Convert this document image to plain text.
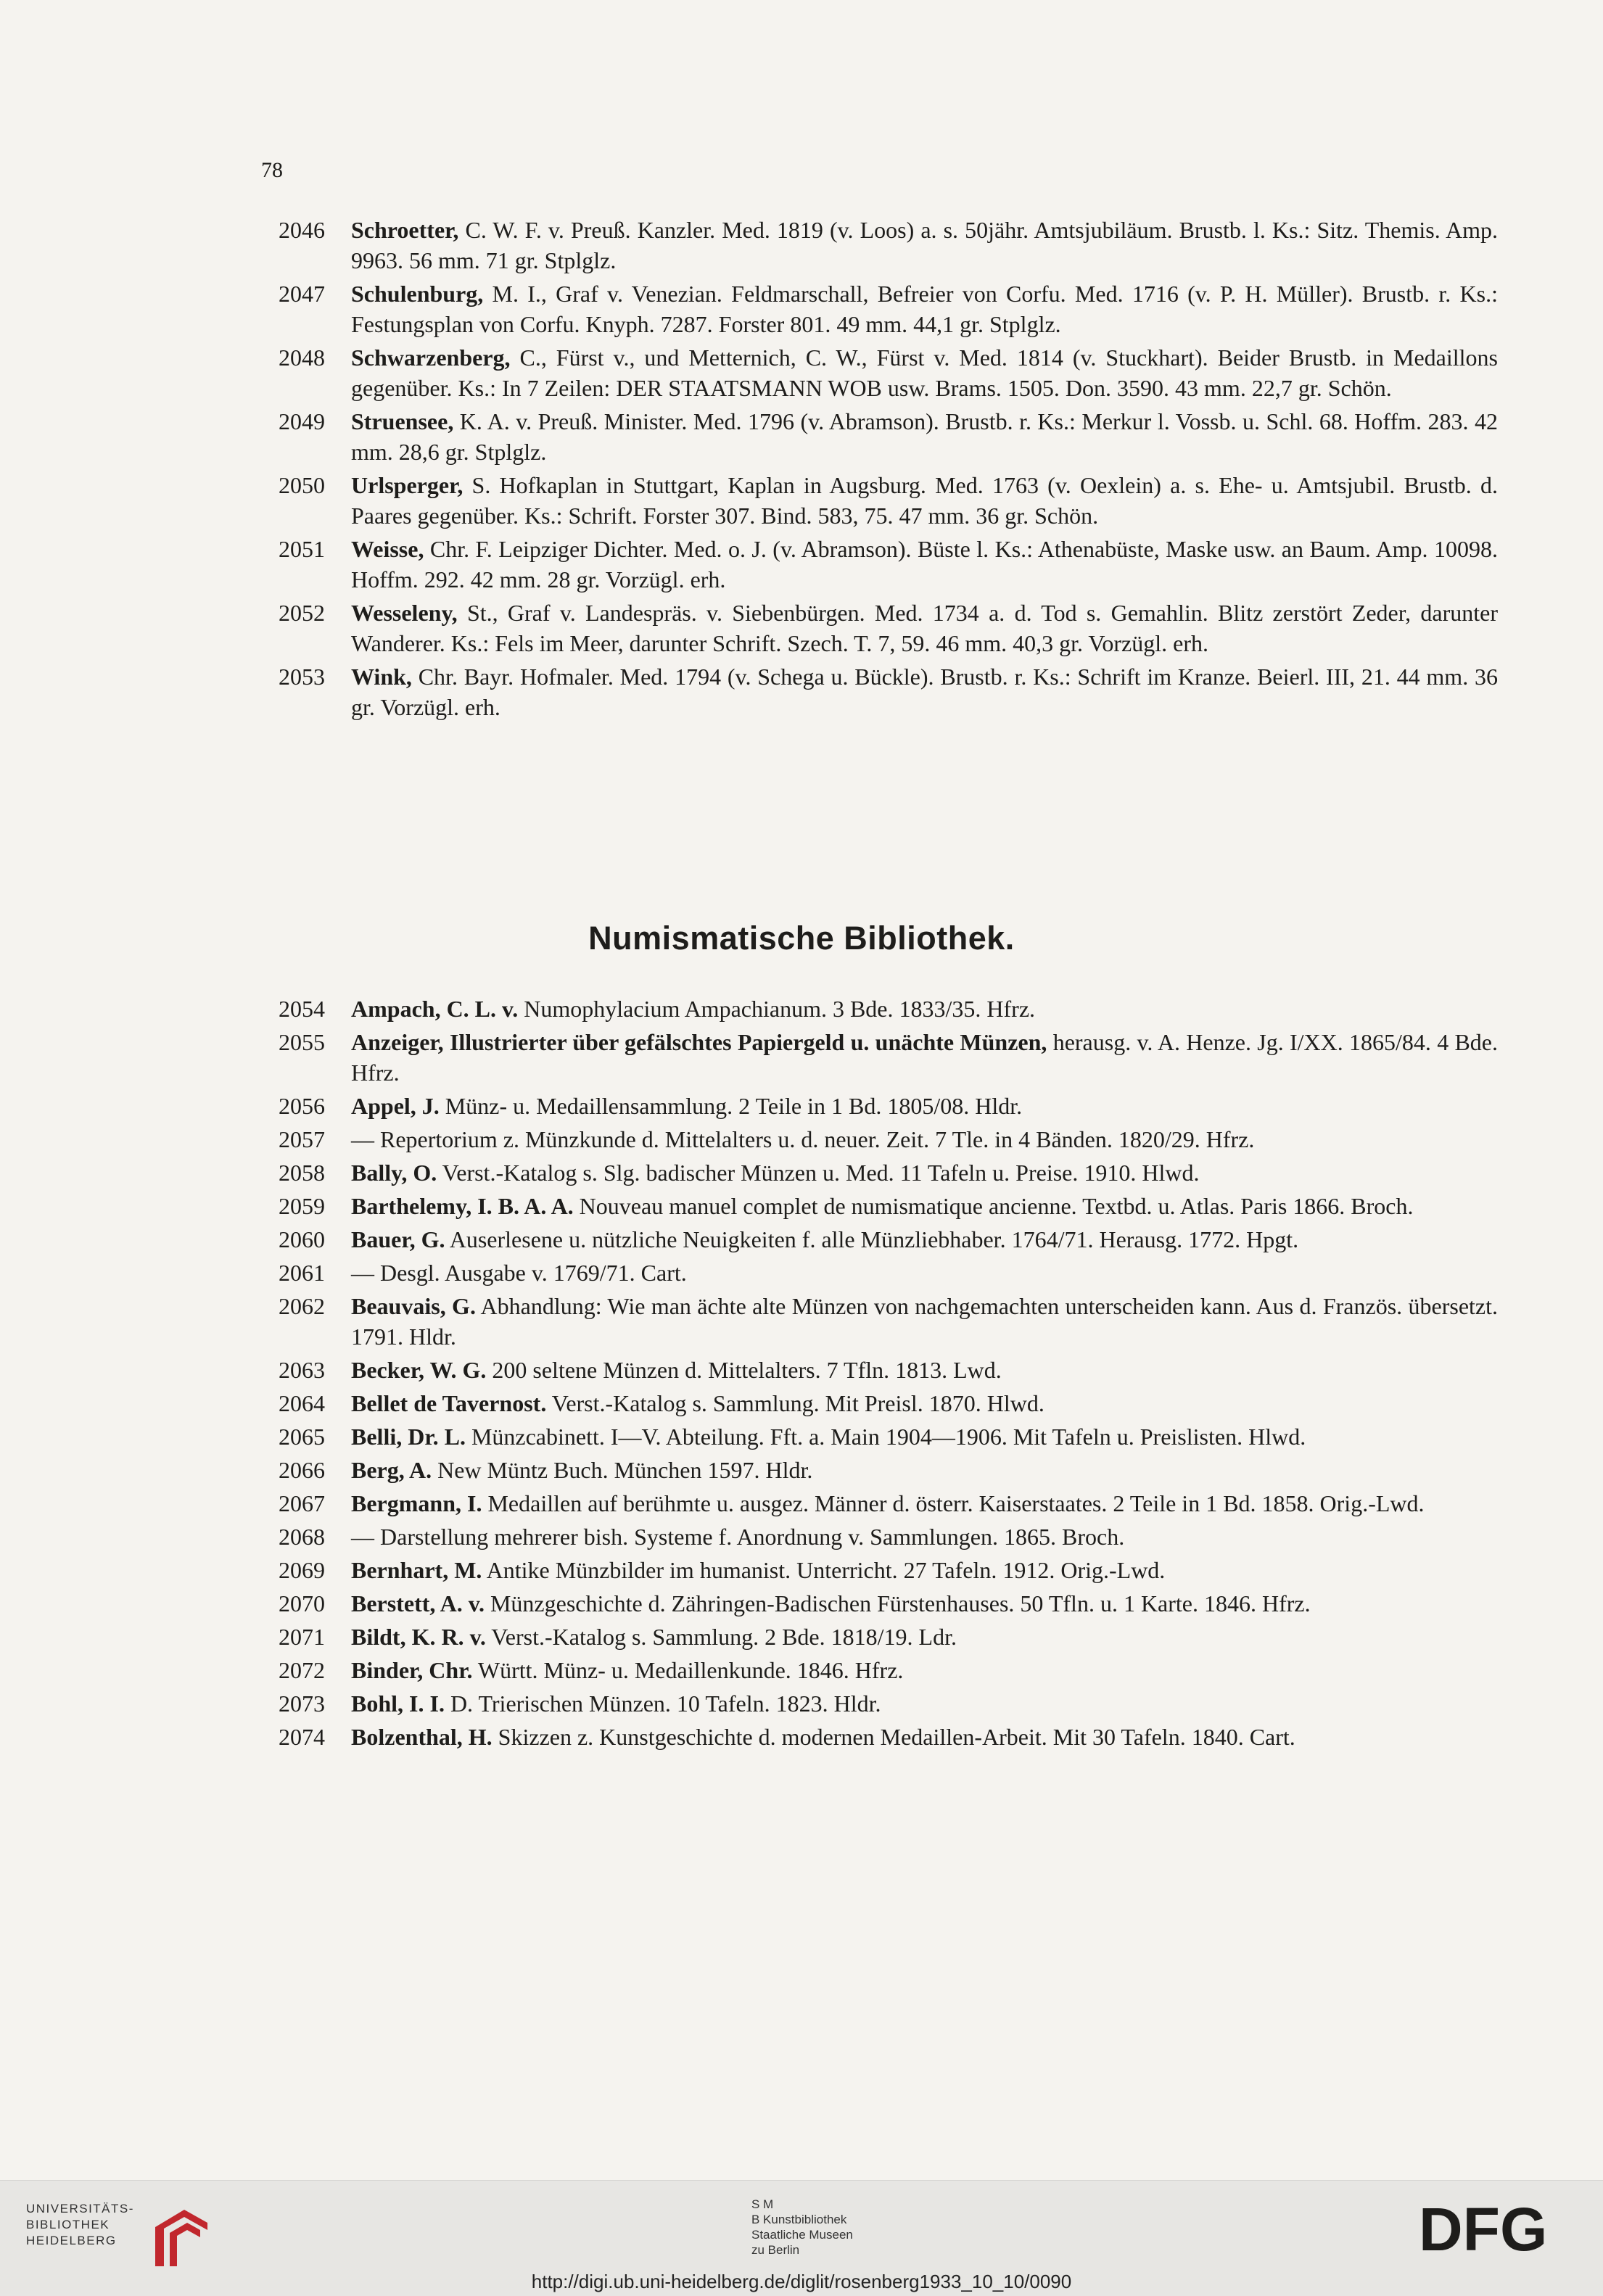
78
2046 Schroetter, C. W. F. v. Preuß. Kanzler. Med. 1819 (v. Loos) a. s. 50jähr. Amtsjubiläum. Brustb. l. Ks.: Sitz. Themis. Amp. 9963. 56 mm. 71 gr. Stplglz.
2047 Schulenburg, M. I., Graf v. Venezian. Feldmarschall, Befreier von Corfu. Med. 1716 (v. P. H. Müller). Brustb. r. Ks.: Festungsplan von Corfu. Knyph. 7287. Forster 801. 49 mm. 44,1 gr. Stplglz.
2048 Schwarzenberg, C., Fürst v., und Metternich, C. W., Fürst v. Med. 1814 (v. Stuckhart). Beider Brustb. in Medaillons gegenüber. Ks.: In 7 Zeilen: DER STAATSMANN WOB usw. Brams. 1505. Don. 3590. 43 mm. 22,7 gr. Schön.
2049 Struensee, K. A. v. Preuß. Minister. Med. 1796 (v. Abramson). Brustb. r. Ks.: Merkur l. Vossb. u. Schl. 68. Hoffm. 283. 42 mm. 28,6 gr. Stplglz.
2050 Urlsperger, S. Hofkaplan in Stuttgart, Kaplan in Augsburg. Med. 1763 (v. Oexlein) a. s. Ehe- u. Amtsjubil. Brustb. d. Paares gegenüber. Ks.: Schrift. Forster 307. Bind. 583, 75. 47 mm. 36 gr. Schön.
2051 Weisse, Chr. F. Leipziger Dichter. Med. o. J. (v. Abramson). Büste l. Ks.: Athenabüste, Maske usw. an Baum. Amp. 10098. Hoffm. 292. 42 mm. 28 gr. Vorzügl. erh.
2052 Wesseleny, St., Graf v. Landespräs. v. Siebenbürgen. Med. 1734 a. d. Tod s. Gemahlin. Blitz zerstört Zeder, darunter Wanderer. Ks.: Fels im Meer, darunter Schrift. Szech. T. 7, 59. 46 mm. 40,3 gr. Vorzügl. erh.
2053 Wink, Chr. Bayr. Hofmaler. Med. 1794 (v. Schega u. Bückle). Brustb. r. Ks.: Schrift im Kranze. Beierl. III, 21. 44 mm. 36 gr. Vorzügl. erh.
Numismatische Bibliothek.
2054 Ampach, C. L. v. Numophylacium Ampachianum. 3 Bde. 1833/35. Hfrz.
2055 Anzeiger, Illustrierter über gefälschtes Papiergeld u. unächte Münzen, herausg. v. A. Henze. Jg. I/XX. 1865/84. 4 Bde. Hfrz.
2056 Appel, J. Münz- u. Medaillensammlung. 2 Teile in 1 Bd. 1805/08. Hldr.
2057 — Repertorium z. Münzkunde d. Mittelalters u. d. neuer. Zeit. 7 Tle. in 4 Bänden. 1820/29. Hfrz.
2058 Bally, O. Verst.-Katalog s. Slg. badischer Münzen u. Med. 11 Tafeln u. Preise. 1910. Hlwd.
2059 Barthelemy, I. B. A. A. Nouveau manuel complet de numismatique ancienne. Textbd. u. Atlas. Paris 1866. Broch.
2060 Bauer, G. Auserlesene u. nützliche Neuigkeiten f. alle Münzliebhaber. 1764/71. Herausg. 1772. Hpgt.
2061 — Desgl. Ausgabe v. 1769/71. Cart.
2062 Beauvais, G. Abhandlung: Wie man ächte alte Münzen von nachgemachten unterscheiden kann. Aus d. Französ. übersetzt. 1791. Hldr.
2063 Becker, W. G. 200 seltene Münzen d. Mittelalters. 7 Tfln. 1813. Lwd.
2064 Bellet de Tavernost. Verst.-Katalog s. Sammlung. Mit Preisl. 1870. Hlwd.
2065 Belli, Dr. L. Münzcabinett. I—V. Abteilung. Fft. a. Main 1904—1906. Mit Tafeln u. Preislisten. Hlwd.
2066 Berg, A. New Müntz Buch. München 1597. Hldr.
2067 Bergmann, I. Medaillen auf berühmte u. ausgez. Männer d. österr. Kaiserstaates. 2 Teile in 1 Bd. 1858. Orig.-Lwd.
2068 — Darstellung mehrerer bish. Systeme f. Anordnung v. Sammlungen. 1865. Broch.
2069 Bernhart, M. Antike Münzbilder im humanist. Unterricht. 27 Tafeln. 1912. Orig.-Lwd.
2070 Berstett, A. v. Münzgeschichte d. Zähringen-Badischen Fürstenhauses. 50 Tfln. u. 1 Karte. 1846. Hfrz.
2071 Bildt, K. R. v. Verst.-Katalog s. Sammlung. 2 Bde. 1818/19. Ldr.
2072 Binder, Chr. Württ. Münz- u. Medaillenkunde. 1846. Hfrz.
2073 Bohl, I. I. D. Trierischen Münzen. 10 Tafeln. 1823. Hldr.
2074 Bolzenthal, H. Skizzen z. Kunstgeschichte d. modernen Medaillen-Arbeit. Mit 30 Tafeln. 1840. Cart.
UNIVERSITÄTS-
BIBLIOTHEK
HEIDELBERG
S M
B Kunstbibliothek
Staatliche Museen
zu Berlin	DFG
http://digi.ub.uni-heidelberg.de/diglit/rosenberg1933_10_10/0090
